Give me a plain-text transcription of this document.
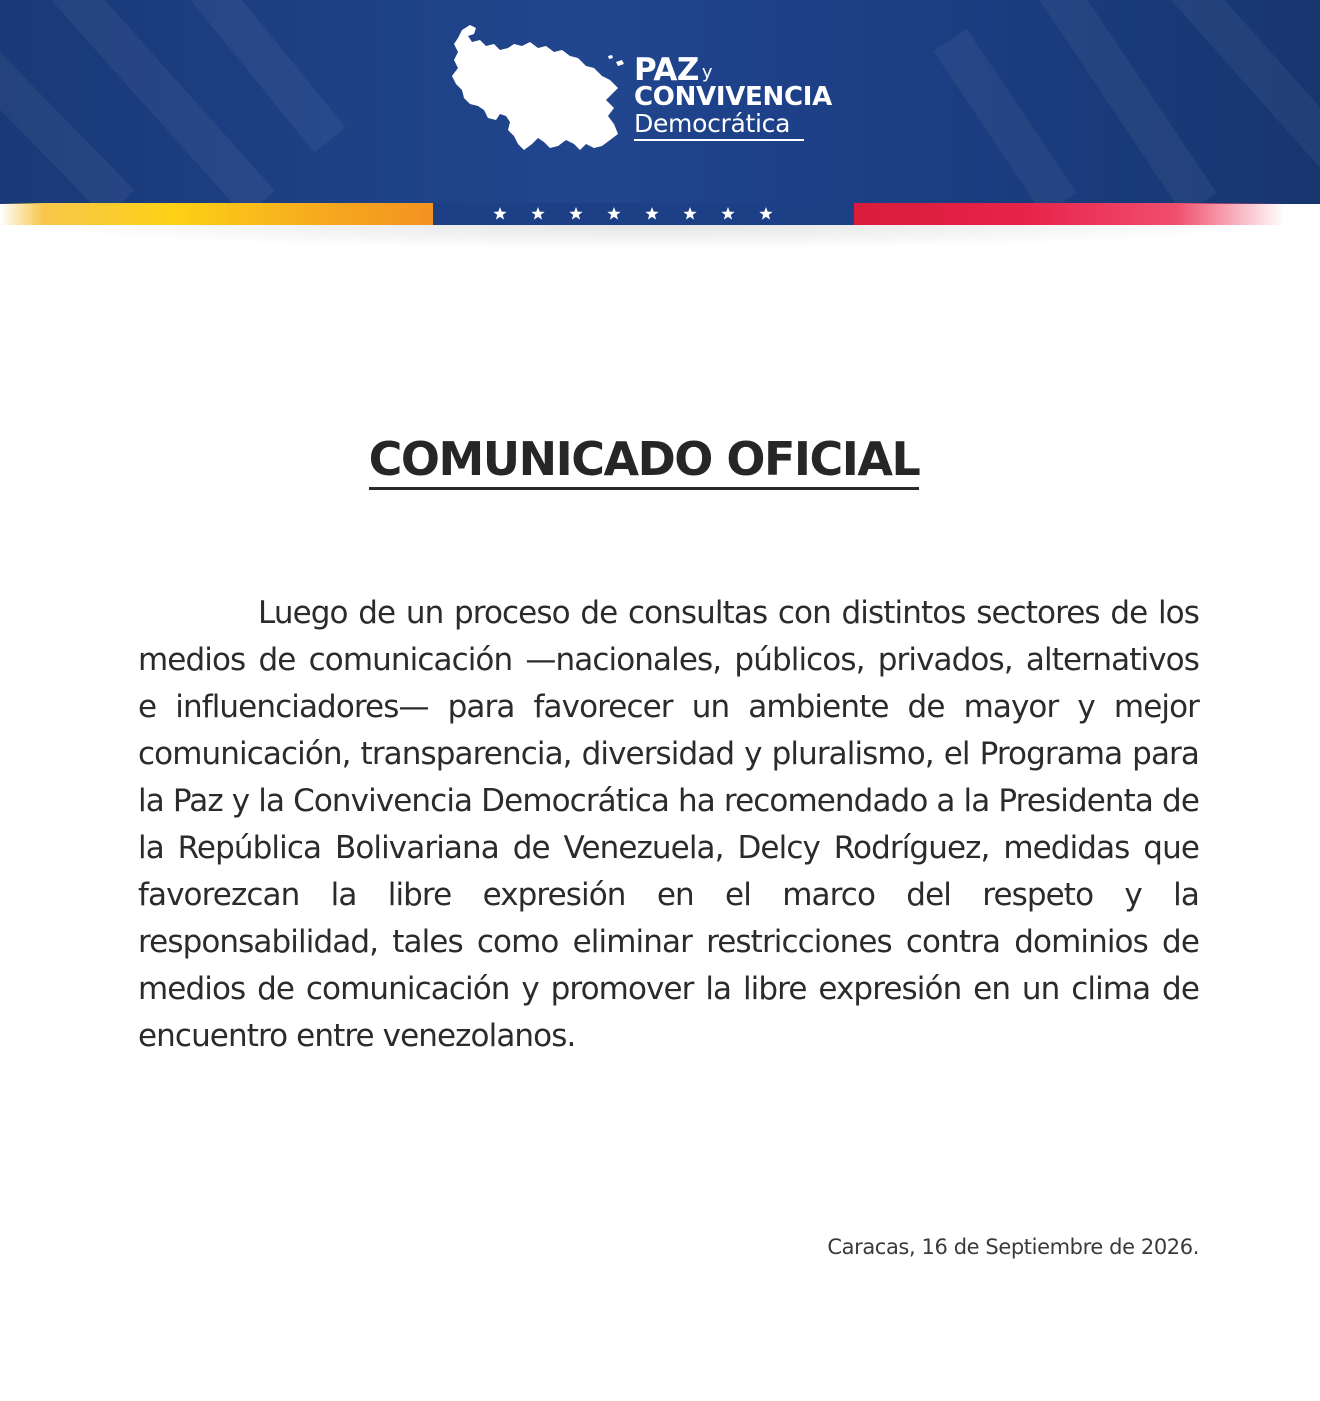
PAZ y
CONVIVENCIA
Democrática
COMUNICADO OFICIAL

Luego de un proceso de consultas con distintos sectores de los medios de comunicación —nacionales, públicos, privados, alternativos e influenciadores— para favorecer un ambiente de mayor y mejor comunicación, transparencia, diversidad y pluralismo, el Programa para la Paz y la Convivencia Democrática ha recomendado a la Presidenta de la República Bolivariana de Venezuela, Delcy Rodríguez, medidas que favorezcan la libre expresión en el marco del respeto y la responsabilidad, tales como eliminar restricciones contra dominios de medios de comunicación y promover la libre expresión en un clima de encuentro entre venezolanos.

Caracas, 16 de Septiembre de 2026.
